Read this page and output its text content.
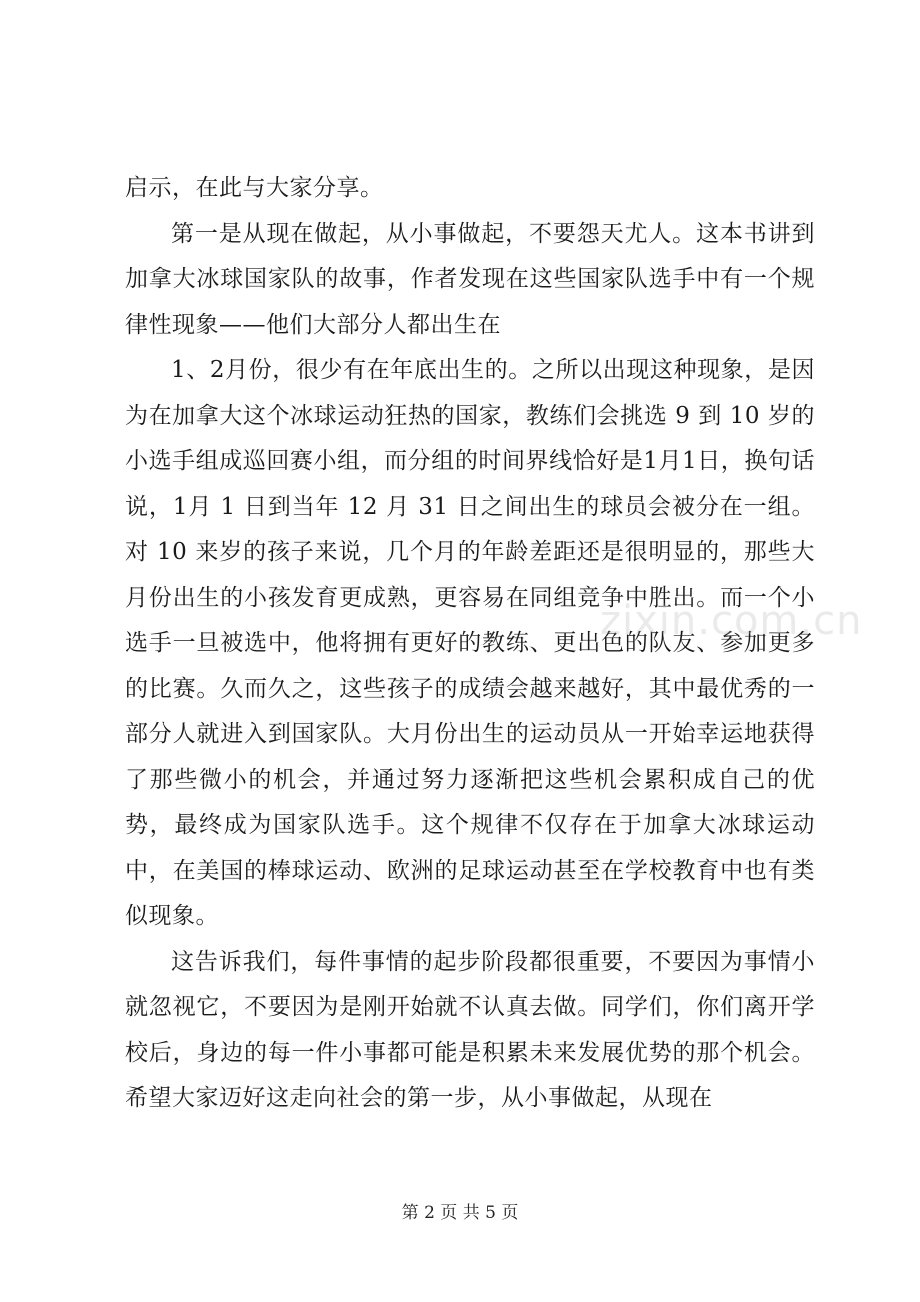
启示，在此与大家分享。

第一是从现在做起，从小事做起，不要怨天尤人。这本书讲到加拿大冰球国家队的故事，作者发现在这些国家队选手中有一个规律性现象——他们大部分人都出生在

1、2月份，很少有在年底出生的。之所以出现这种现象，是因为在加拿大这个冰球运动狂热的国家，教练们会挑选 9 到 10 岁的小选手组成巡回赛小组，而分组的时间界线恰好是1月1日，换句话说，1月 1 日到当年 12 月 31 日之间出生的球员会被分在一组。对 10 来岁的孩子来说，几个月的年龄差距还是很明显的，那些大月份出生的小孩发育更成熟，更容易在同组竞争中胜出。而一个小选手一旦被选中，他将拥有更好的教练、更出色的队友、参加更多的比赛。久而久之，这些孩子的成绩会越来越好，其中最优秀的一部分人就进入到国家队。大月份出生的运动员从一开始幸运地获得了那些微小的机会，并通过努力逐渐把这些机会累积成自己的优势，最终成为国家队选手。这个规律不仅存在于加拿大冰球运动中，在美国的棒球运动、欧洲的足球运动甚至在学校教育中也有类似现象。

这告诉我们，每件事情的起步阶段都很重要，不要因为事情小就忽视它，不要因为是刚开始就不认真去做。同学们，你们离开学校后，身边的每一件小事都可能是积累未来发展优势的那个机会。希望大家迈好这走向社会的第一步，从小事做起，从现在

zixin.com.cn
第 2 页 共 5 页
